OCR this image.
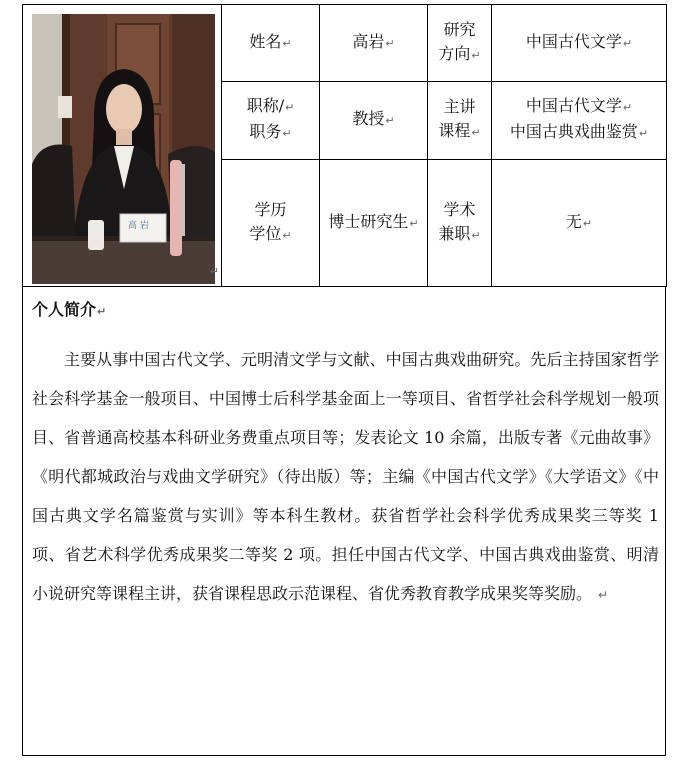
高岩
↵	姓名↵	高岩↵	研究
方向↵	中国古代文学↵

	职称/↵
职务↵	教授↵	主讲
课程↵	中国古代文学↵
中国古典戏曲鉴赏↵

	学历
学位↵	博士研究生↵	学术
兼职↵	无↵
个人简介↵

主要从事中国古代文学、元明清文学与文献、中国古典戏曲研究。先后主持国家哲学社会科学基金一般项目、中国博士后科学基金面上一等项目、省哲学社会科学规划一般项目、省普通高校基本科研业务费重点项目等；发表论文 10 余篇，出版专著《元曲故事》《明代都城政治与戏曲文学研究》（待出版）等；主编《中国古代文学》《大学语文》《中国古典文学名篇鉴赏与实训》等本科生教材。获省哲学社会科学优秀成果奖三等奖 1 项、省艺术科学优秀成果奖二等奖 2 项。担任中国古代文学、中国古典戏曲鉴赏、明清小说研究等课程主讲，获省课程思政示范课程、省优秀教育教学成果奖等奖励。 ↵
